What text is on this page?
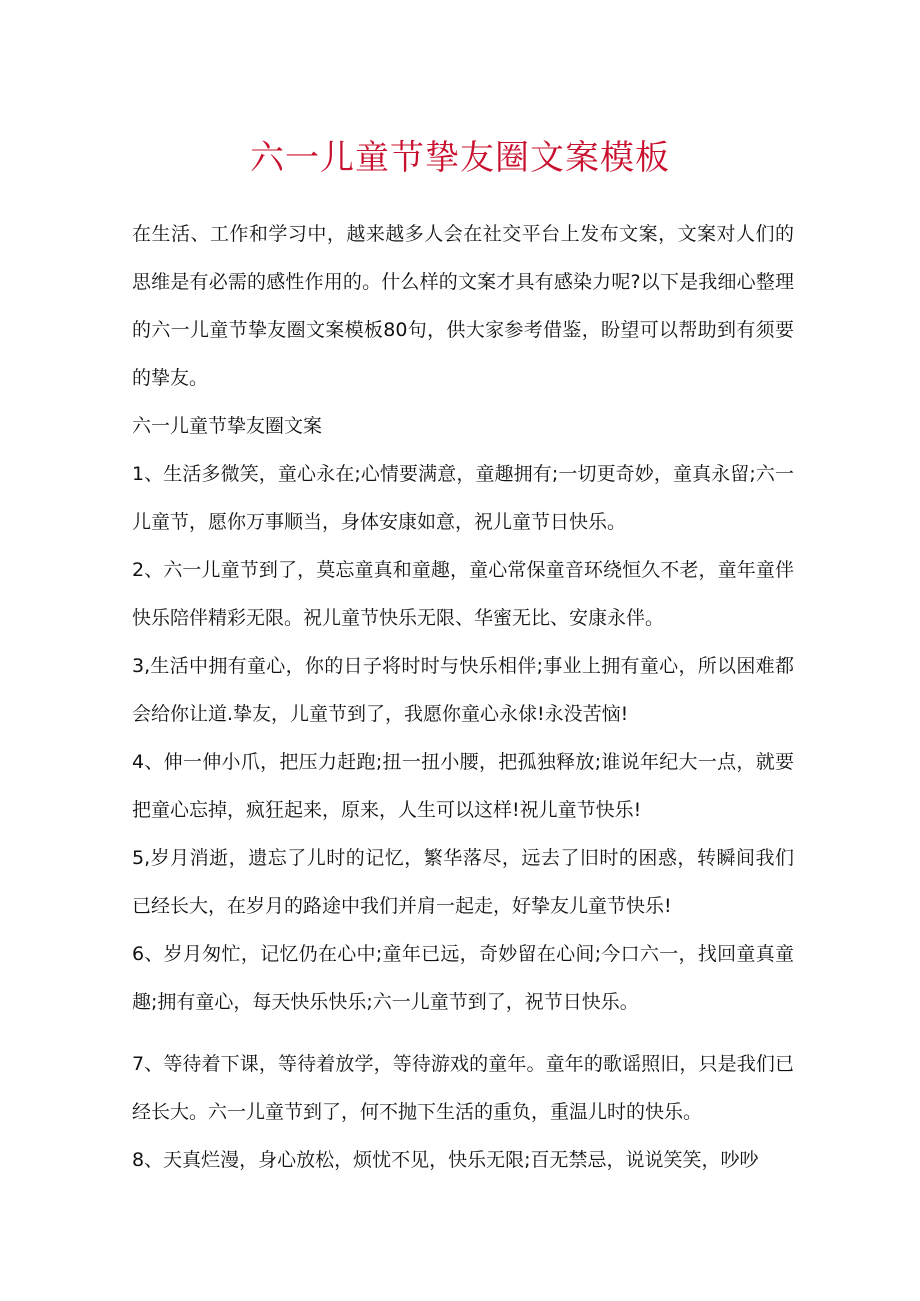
六一儿童节挚友圈文案模板

在生活、工作和学习中，越来越多人会在社交平台上发布文案，文案对人们的思维是有必需的感性作用的。什么样的文案才具有感染力呢?以下是我细心整理的六一儿童节挚友圈文案模板80句，供大家参考借鉴，盼望可以帮助到有须要的挚友。

六一儿童节挚友圈文案

1、生活多微笑，童心永在;心情要满意，童趣拥有;一切更奇妙，童真永留;六一儿童节，愿你万事顺当，身体安康如意，祝儿童节日快乐。

2、六一儿童节到了，莫忘童真和童趣，童心常保童音环绕恒久不老，童年童伴快乐陪伴精彩无限。祝儿童节快乐无限、华蜜无比、安康永伴。

3,生活中拥有童心，你的日子将时时与快乐相伴;事业上拥有童心，所以困难都会给你让道.挚友，儿童节到了，我愿你童心永俅!永没苦恼!

4、伸一伸小爪，把压力赶跑;扭一扭小腰，把孤独释放;谁说年纪大一点，就要把童心忘掉，疯狂起来，原来，人生可以这样!祝儿童节快乐!

5,岁月消逝，遗忘了儿时的记忆，繁华落尽，远去了旧时的困惑，转瞬间我们已经长大，在岁月的路途中我们并肩一起走，好挚友儿童节快乐!

6、岁月匆忙，记忆仍在心中;童年已远，奇妙留在心间;今口六一，找回童真童趣;拥有童心，每天快乐快乐;六一儿童节到了，祝节日快乐。

7、等待着下课，等待着放学，等待游戏的童年。童年的歌谣照旧，只是我们已经长大。六一儿童节到了，何不抛下生活的重负，重温儿时的快乐。

8、天真烂漫，身心放松，烦忧不见，快乐无限;百无禁忌，说说笑笑，吵吵
